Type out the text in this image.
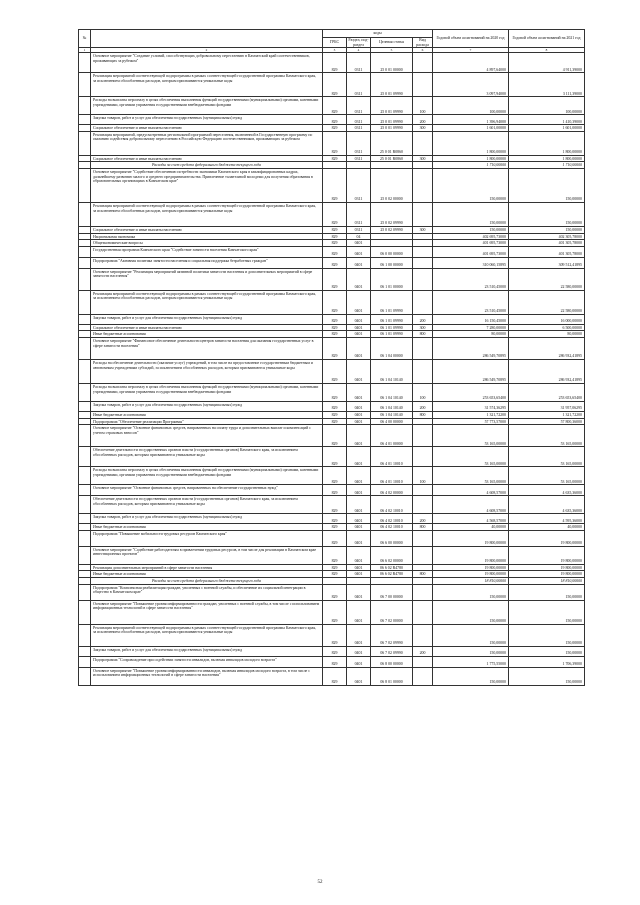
№		коды				Годовой объем ассигнований на 2020 год	Годовой объем ассигнований на 2021 год
		ГРБС	Раздел, под-раздел	Целевая статья	Вид расхода		
1	2	3	4	5	6	7	8
	Основное мероприятие "Создание условий, способствующих добровольному переселению в Камчатский край соотечественников, проживающих за рубежом"	829	0311	25 0 01 00000		4 897,64000	4 911,39000
	Реализация мероприятий соответствующей подпрограммы в рамках соответствующей государственной программы Камчатского края, за исключением обособленных расходов, которым присваиваются уникальные коды	829	0311	25 0 01 09990		3 097,94000	3 111,39000
	Расходы на выплаты персоналу в целях обеспечения выполнения функций государственными (муниципальными) органами, казенными учреждениями, органами управления государственными внебюджетными фондами	829	0311	25 0 01 09990	100	100,00000	100,00000
	Закупка товаров, работ и услуг для обеспечения государственных (муниципальных) нужд	829	0311	25 0 01 09990	200	1 396,94000	1 410,39000
	Социальное обеспечение и иные выплаты населению	829	0311	25 0 01 09990	300	1 601,00000	1 601,00000
	Реализация мероприятий, предусмотренных региональной программой переселения, включенной в Государственную программу по оказанию содействия добровольному переселению в Российскую Федерацию соотечественников, проживающих за рубежом	829	0311	25 0 01 R0860		1 800,00000	1 800,00000
	Социальное обеспечение и иные выплаты населению	829	0311	25 0 01 R0860	300	1 800,00000	1 800,00000
	Расходы за счет средств федерального бюджета текущего года					1 710,00000	1 710,00000
	Основное мероприятие "Содействие обеспечению потребности экономики Камчатского края в квалифицированных кадрах, дальнейшему развитию малого и среднего предпринимательства. Привлечение талантливой молодежи для получения образования в образовательных организациях в Камчатском крае"	829	0311	25 0 02 00000		150,00000	150,00000
	Реализация мероприятий соответствующей подпрограммы в рамках соответствующей государственной программы Камчатского края, за исключением обособленных расходов, которым присваиваются уникальные коды	829	0311	25 0 02 09990		150,00000	150,00000
	Социальное обеспечение и иные выплаты населению	829	0311	25 0 02 09990	300	150,00000	150,00000
	Национальная экономика	829	04			402 695,73000	402 305,78000
	Общеэкономические вопросы	829	0401			401 695,73000	401 305,78000
	Государственная программа Камчатского края "Содействие занятости населения Камчатского края"	829	0401	06 0 00 00000		401 695,73000	401 305,78000
	Подпрограмма "Активная политика занятости населения и социальная поддержка безработных граждан"	829	0401	06 1 00 00000		310 060,15895	309 512,41895
	Основное мероприятие "Реализация мероприятий активной политики занятости населения и дополнительных мероприятий в сфере занятости населения"	829	0401	06 1 01 00000		23 510,45000	22 580,00000
	Реализация мероприятий соответствующей подпрограммы в рамках соответствующей государственной программы Камчатского края, за исключением обособленных расходов, которым присваиваются уникальные коды	829	0401	06 1 01 09990		23 510,45000	22 580,00000
	Закупка товаров, работ и услуг для обеспечения государственных (муниципальных) нужд	829	0401	06 1 01 09990	200	16 150,45000	16 000,00000
	Социальное обеспечение и иные выплаты населению	829	0401	06 1 01 09990	300	7 280,00000	6 500,00000
	Иные бюджетные ассигнования	829	0401	06 1 01 09990	800	80,00000	80,00000
	Основное мероприятие "Финансовое обеспечение деятельности центров занятости населения для оказания государственных услуг в сфере занятости населения"	829	0401	06 1 04 00000		286 549,70895	286 932,41895
	Расходы на обеспечение деятельности (оказание услуг) учреждений, в том числе на предоставление государственным бюджетным и автономным учреждениям субсидий, за исключением обособленных расходов, которым присваиваются уникальные коды	829	0401	06 1 04 10140		286 549,70895	286 932,41895
	Расходы на выплаты персоналу в целях обеспечения выполнения функций государственными (муниципальными) органами, казенными учреждениями, органами управления государственными внебюджетными фондами	829	0401	06 1 04 10140	100	253 653,65400	253 653,65400
	Закупка товаров, работ и услуг для обеспечения государственных (муниципальных) нужд	829	0401	06 1 04 10140	200	31 574,36295	31 957,06295
	Иные бюджетные ассигнования	829	0401	06 1 04 10140	800	1 321,72200	1 321,72200
	Подпрограмма "Обеспечение реализации Программы"	829	0401	06 4 00 00000		57 773,57000	57 800,36000
	Основное мероприятие "Освоение финансовых средств, направленных на оплату труда и дополнительных выплат и компенсаций с учетом страховых взносов"	829	0401	06 4 01 00000		53 165,00000	53 165,00000
	Обеспечение деятельности государственных органов власти (государственных органов) Камчатского края, за исключением обособленных расходов, которым присваиваются уникальные коды	829	0401	06 4 01 10010		53 165,00000	53 165,00000
	Расходы на выплаты персоналу в целях обеспечения выполнения функций государственными (муниципальными) органами, казенными учреждениями, органами управления государственными внебюджетными фондами	829	0401	06 4 01 10010	100	53 165,00000	53 165,00000
	Основное мероприятие "Освоение финансовых средств, направленных на обеспечение государственных нужд"	829	0401	06 4 02 00000		4 608,57000	4 635,36000
	Обеспечение деятельности государственных органов власти (государственных органов) Камчатского края, за исключением обособленных расходов, которым присваиваются уникальные коды	829	0401	06 4 02 10010		4 608,57000	4 635,36000
	Закупка товаров, работ и услуг для обеспечения государственных (муниципальных) нужд	829	0401	06 4 02 10010	200	4 568,57000	4 595,36000
	Иные бюджетные ассигнования	829	0401	06 4 02 10010	800	40,00000	40,00000
	Подпрограмма "Повышение мобильности трудовых ресурсов Камчатского края"	829	0401	06 6 00 00000		19 800,00000	19 800,00000
	Основное мероприятие "Содействие работодателям в привлечении трудовых ресурсов, в том числе для реализации в Камчатском крае инвестиционных проектов"	829	0401	06 6 02 00000		19 800,00000	19 800,00000
	Реализация дополнительных мероприятий в сфере занятости населения	829	0401	06 6 02 R4780		19 800,00000	19 800,00000
	Иные бюджетные ассигнования	829	0401	06 6 02 R4780	800	19 800,00000	19 800,00000
	Расходы за счет средств федерального бюджета текущего года					18 810,00000	18 810,00000
	Подпрограмма "Комплексная реабилитация граждан, уволенных с военной службы, и обеспечение их социальной интеграции в общество в Камчатском крае"	829	0401	06 7 00 00000		150,00000	150,00000
	Основное мероприятие "Повышение уровня информированности граждан, уволенных с военной службы, в том числе с использованием информационных технологий в сфере занятости населения"	829	0401	06 7 02 00000		150,00000	150,00000
	Реализация мероприятий соответствующей подпрограммы в рамках соответствующей государственной программы Камчатского края, за исключением обособленных расходов, которым присваиваются уникальные коды	829	0401	06 7 02 09990		150,00000	150,00000
	Закупка товаров, работ и услуг для обеспечения государственных (муниципальных) нужд	829	0401	06 7 02 09990	200	150,00000	150,00000
	Подпрограмма "Сопровождение при содействии занятости инвалидов, включая инвалидов молодого возраста"	829	0401	06 8 00 00000		1 775,55000	1 706,39000
	Основное мероприятие "Повышение уровня информированности инвалидов, включая инвалидов молодого возраста, в том числе с использованием информационных технологий в сфере занятости населения"	829	0401	06 8 01 00000		150,00000	150,00000
52
